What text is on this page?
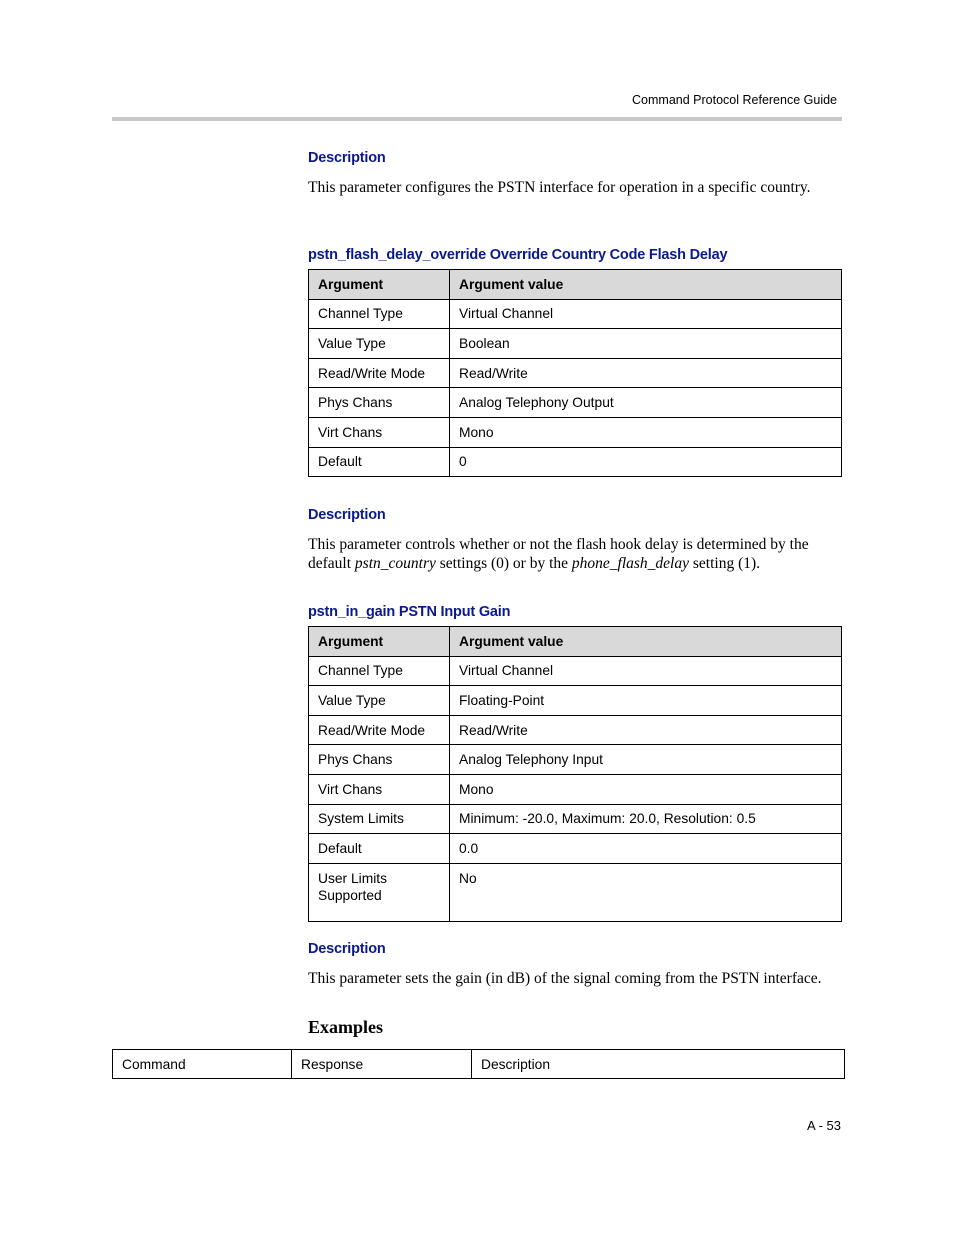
Command Protocol Reference Guide
Description
This parameter configures the PSTN interface for operation in a specific country.
pstn_flash_delay_override Override Country Code Flash Delay
Argument	Argument value
Channel Type	Virtual Channel
Value Type	Boolean
Read/Write Mode	Read/Write
Phys Chans	Analog Telephony Output
Virt Chans	Mono
Default	0
Description
This parameter controls whether or not the flash hook delay is determined by the default pstn_country settings (0) or by the phone_flash_delay setting (1).
pstn_in_gain PSTN Input Gain
Argument	Argument value
Channel Type	Virtual Channel
Value Type	Floating-Point
Read/Write Mode	Read/Write
Phys Chans	Analog Telephony Input
Virt Chans	Mono
System Limits	Minimum: -20.0, Maximum: 20.0, Resolution: 0.5
Default	0.0
User Limits Supported	No
Description
This parameter sets the gain (in dB) of the signal coming from the PSTN interface.
Examples
Command	Response	Description
A - 53
